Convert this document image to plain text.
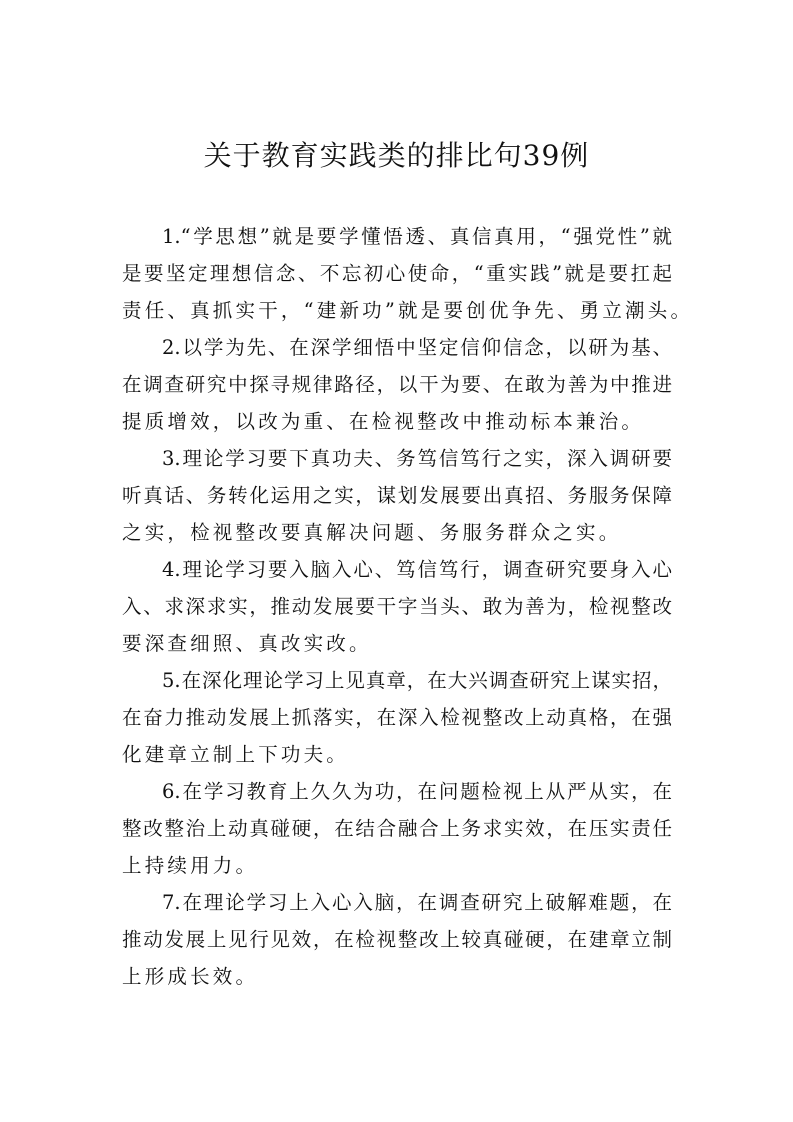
关于教育实践类的排比句39例
1.“学思想”就是要学懂悟透、真信真用，“强党性”就
是要坚定理想信念、不忘初心使命，“重实践”就是要扛起
责任、真抓实干，“建新功”就是要创优争先、勇立潮头。
2.以学为先、在深学细悟中坚定信仰信念，以研为基、
在调查研究中探寻规律路径，以干为要、在敢为善为中推进
提质增效，以改为重、在检视整改中推动标本兼治。
3.理论学习要下真功夫、务笃信笃行之实，深入调研要
听真话、务转化运用之实，谋划发展要出真招、务服务保障
之实，检视整改要真解决问题、务服务群众之实。
4.理论学习要入脑入心、笃信笃行，调查研究要身入心
入、求深求实，推动发展要干字当头、敢为善为，检视整改
要深查细照、真改实改。
5.在深化理论学习上见真章，在大兴调查研究上谋实招，
在奋力推动发展上抓落实，在深入检视整改上动真格，在强
化建章立制上下功夫。
6.在学习教育上久久为功，在问题检视上从严从实，在
整改整治上动真碰硬，在结合融合上务求实效，在压实责任
上持续用力。
7.在理论学习上入心入脑，在调查研究上破解难题，在
推动发展上见行见效，在检视整改上较真碰硬，在建章立制
上形成长效。
